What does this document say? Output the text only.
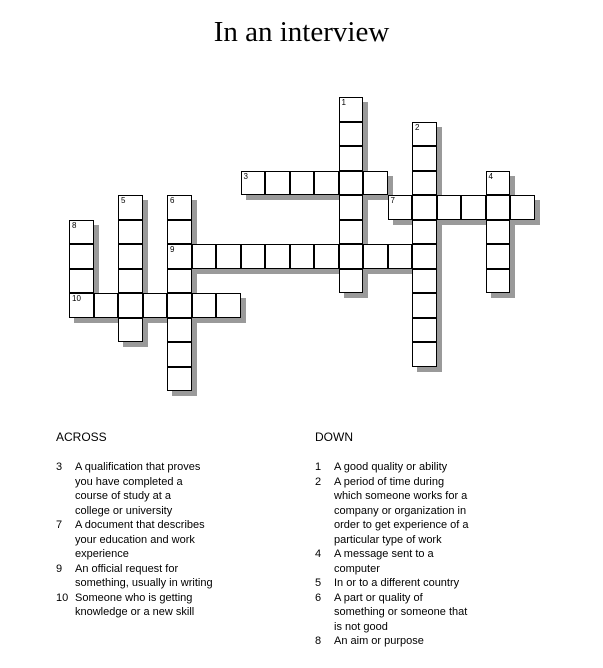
In an interview
1
2
3	4
5	6	7
8
9
10
ACROSS	DOWN
3 A qualification that proves
you have completed a
course of study at a
college or university
7 A document that describes
your education and work
experience
9 An official request for
something, usually in writing
10 Someone who is getting
knowledge or a new skill
1 A good quality or ability
2 A period of time during
which someone works for a
company or organization in
order to get experience of a
particular type of work
4 A message sent to a
computer
5 In or to a different country
6 A part or quality of
something or someone that
is not good
8 An aim or purpose
